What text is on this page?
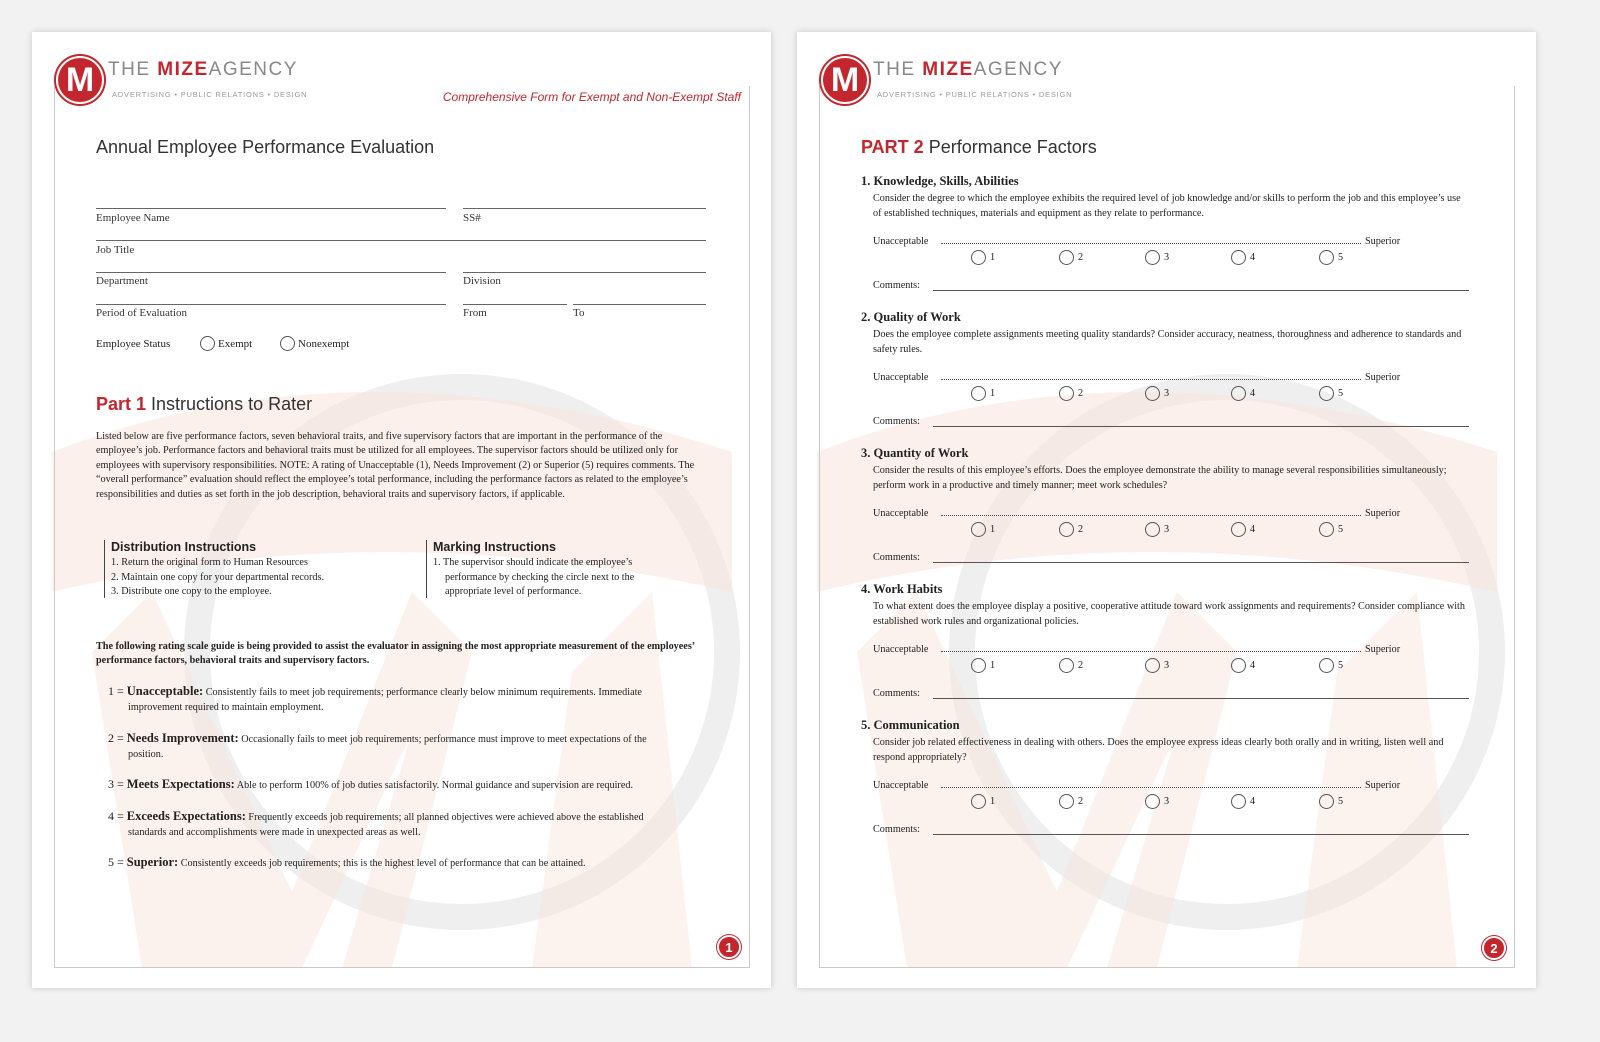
M THE MIZEAGENCY
ADVERTISING • PUBLIC RELATIONS • DESIGN	Comprehensive Form for Exempt and Non-Exempt Staff
Annual Employee Performance Evaluation
Employee Name	SS#
Job Title
Department	Division
Period of Evaluation	From	To
Employee Status	Exempt	Nonexempt
Part 1 Instructions to Rater
Listed below are five performance factors, seven behavioral traits, and five supervisory factors that are important in the performance of the employee’s job. Performance factors and behavioral traits must be utilized for all employees. The supervisor factors should be utilized only for employees with supervisory responsibilities. NOTE: A rating of Unacceptable (1), Needs Improvement (2) or Superior (5) requires comments. The “overall performance” evaluation should reflect the employee’s total performance, including the performance factors as related to the employee’s responsibilities and duties as set forth in the job description, behavioral traits and supervisory factors, if applicable.
Distribution Instructions
1. Return the original form to Human Resources
2. Maintain one copy for your departmental records.
3. Distribute one copy to the employee.
Marking Instructions
1. The supervisor should indicate the employee’s
performance by checking the circle next to the
appropriate level of performance.
The following rating scale guide is being provided to assist the evaluator in assigning the most appropriate measurement of the employees’ performance factors, behavioral traits and supervisory factors.
1 = Unacceptable: Consistently fails to meet job requirements; performance clearly below minimum requirements. Immediate
improvement required to maintain employment.
2 = Needs Improvement: Occasionally fails to meet job requirements; performance must improve to meet expectations of the
position.
3 = Meets Expectations: Able to perform 100% of job duties satisfactorily. Normal guidance and supervision are required.
4 = Exceeds Expectations: Frequently exceeds job requirements; all planned objectives were achieved above the established
standards and accomplishments were made in unexpected areas as well.
5 = Superior: Consistently exceeds job requirements; this is the highest level of performance that can be attained.
1
M THE MIZEAGENCY
ADVERTISING • PUBLIC RELATIONS • DESIGN
PART 2 Performance Factors
1. Knowledge, Skills, Abilities
Consider the degree to which the employee exhibits the required level of job knowledge and/or skills to perform the job and this employee’s use of established techniques, materials and equipment as they relate to performance.
Unacceptable	Superior
1	2	3	4	5
Comments:
2. Quality of Work
Does the employee complete assignments meeting quality standards? Consider accuracy, neatness, thoroughness and adherence to standards and safety rules.
Unacceptable	Superior
1	2	3	4	5
Comments:
3. Quantity of Work
Consider the results of this employee’s efforts. Does the employee demonstrate the ability to manage several responsibilities simultaneously; perform work in a productive and timely manner; meet work schedules?
Unacceptable	Superior
1	2	3	4	5
Comments:
4. Work Habits
To what extent does the employee display a positive, cooperative attitude toward work assignments and requirements? Consider compliance with established work rules and organizational policies.
Unacceptable	Superior
1	2	3	4	5
Comments:
5. Communication
Consider job related effectiveness in dealing with others. Does the employee express ideas clearly both orally and in writing, listen well and respond appropriately?
Unacceptable	Superior
1	2	3	4	5
Comments:
2
